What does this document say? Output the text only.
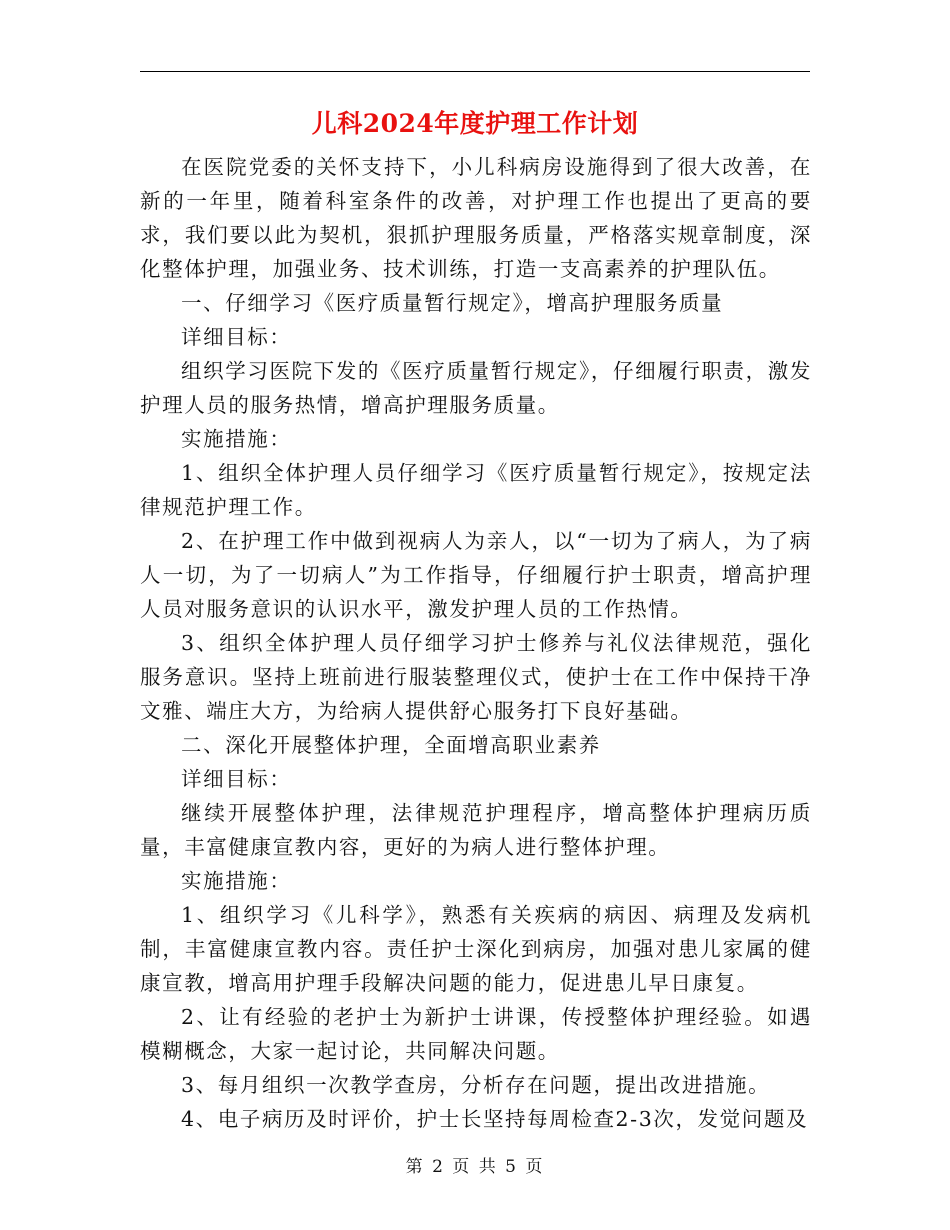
儿科2024年度护理工作计划

在医院党委的关怀支持下，小儿科病房设施得到了很大改善，在新的一年里，随着科室条件的改善，对护理工作也提出了更高的要求，我们要以此为契机，狠抓护理服务质量，严格落实规章制度，深化整体护理，加强业务、技术训练，打造一支高素养的护理队伍。

一、仔细学习《医疗质量暂行规定》，增高护理服务质量

详细目标：

组织学习医院下发的《医疗质量暂行规定》，仔细履行职责，激发护理人员的服务热情，增高护理服务质量。

实施措施：

1、组织全体护理人员仔细学习《医疗质量暂行规定》，按规定法律规范护理工作。

2、在护理工作中做到视病人为亲人，以“一切为了病人，为了病人一切，为了一切病人”为工作指导，仔细履行护士职责，增高护理人员对服务意识的认识水平，激发护理人员的工作热情。

3、组织全体护理人员仔细学习护士修养与礼仪法律规范，强化服务意识。坚持上班前进行服装整理仪式，使护士在工作中保持干净文雅、端庄大方，为给病人提供舒心服务打下良好基础。

二、深化开展整体护理，全面增高职业素养

详细目标：

继续开展整体护理，法律规范护理程序，增高整体护理病历质量，丰富健康宣教内容，更好的为病人进行整体护理。

实施措施：

1、组织学习《儿科学》，熟悉有关疾病的病因、病理及发病机制，丰富健康宣教内容。责任护士深化到病房，加强对患儿家属的健康宣教，增高用护理手段解决问题的能力，促进患儿早日康复。

2、让有经验的老护士为新护士讲课，传授整体护理经验。如遇模糊概念，大家一起讨论，共同解决问题。

3、每月组织一次教学查房，分析存在问题，提出改进措施。

4、电子病历及时评价，护士长坚持每周检查2-3次，发觉问题及

第 2 页 共 5 页
